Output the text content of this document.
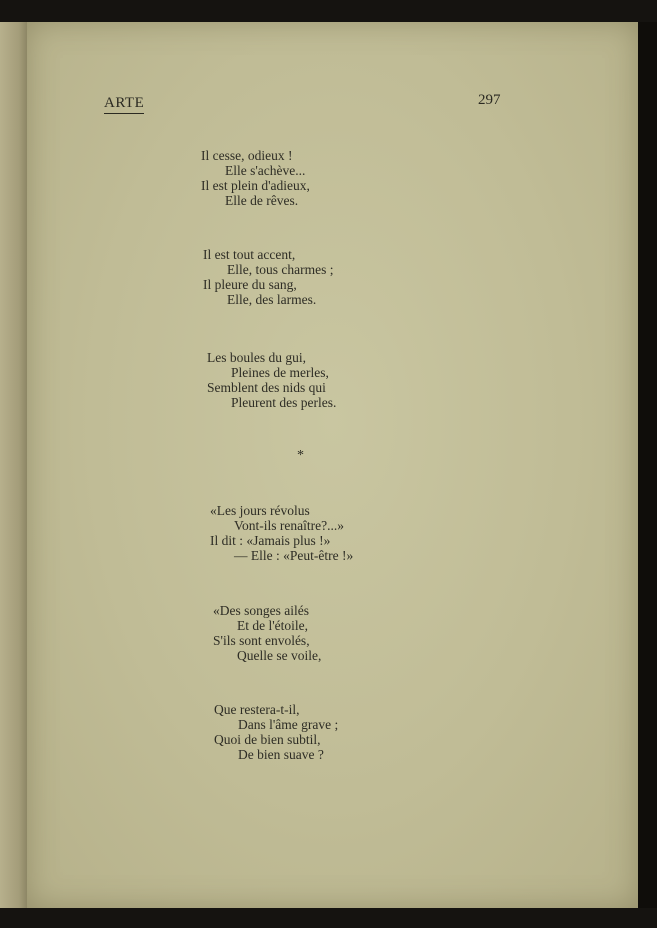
ARTE	297
Il cesse, odieux !
Elle s'achève...
Il est plein d'adieux,
Elle de rêves.
Il est tout accent,
Elle, tous charmes ;
Il pleure du sang,
Elle, des larmes.
Les boules du gui,
Pleines de merles,
Semblent des nids qui
Pleurent des perles.
*
«Les jours révolus
Vont-ils renaître?...»
Il dit : «Jamais plus !»
— Elle : «Peut-être !»
«Des songes ailés
Et de l'étoile,
S'ils sont envolés,
Quelle se voile,
Que restera-t-il,
Dans l'âme grave ;
Quoi de bien subtil,
De bien suave ?
